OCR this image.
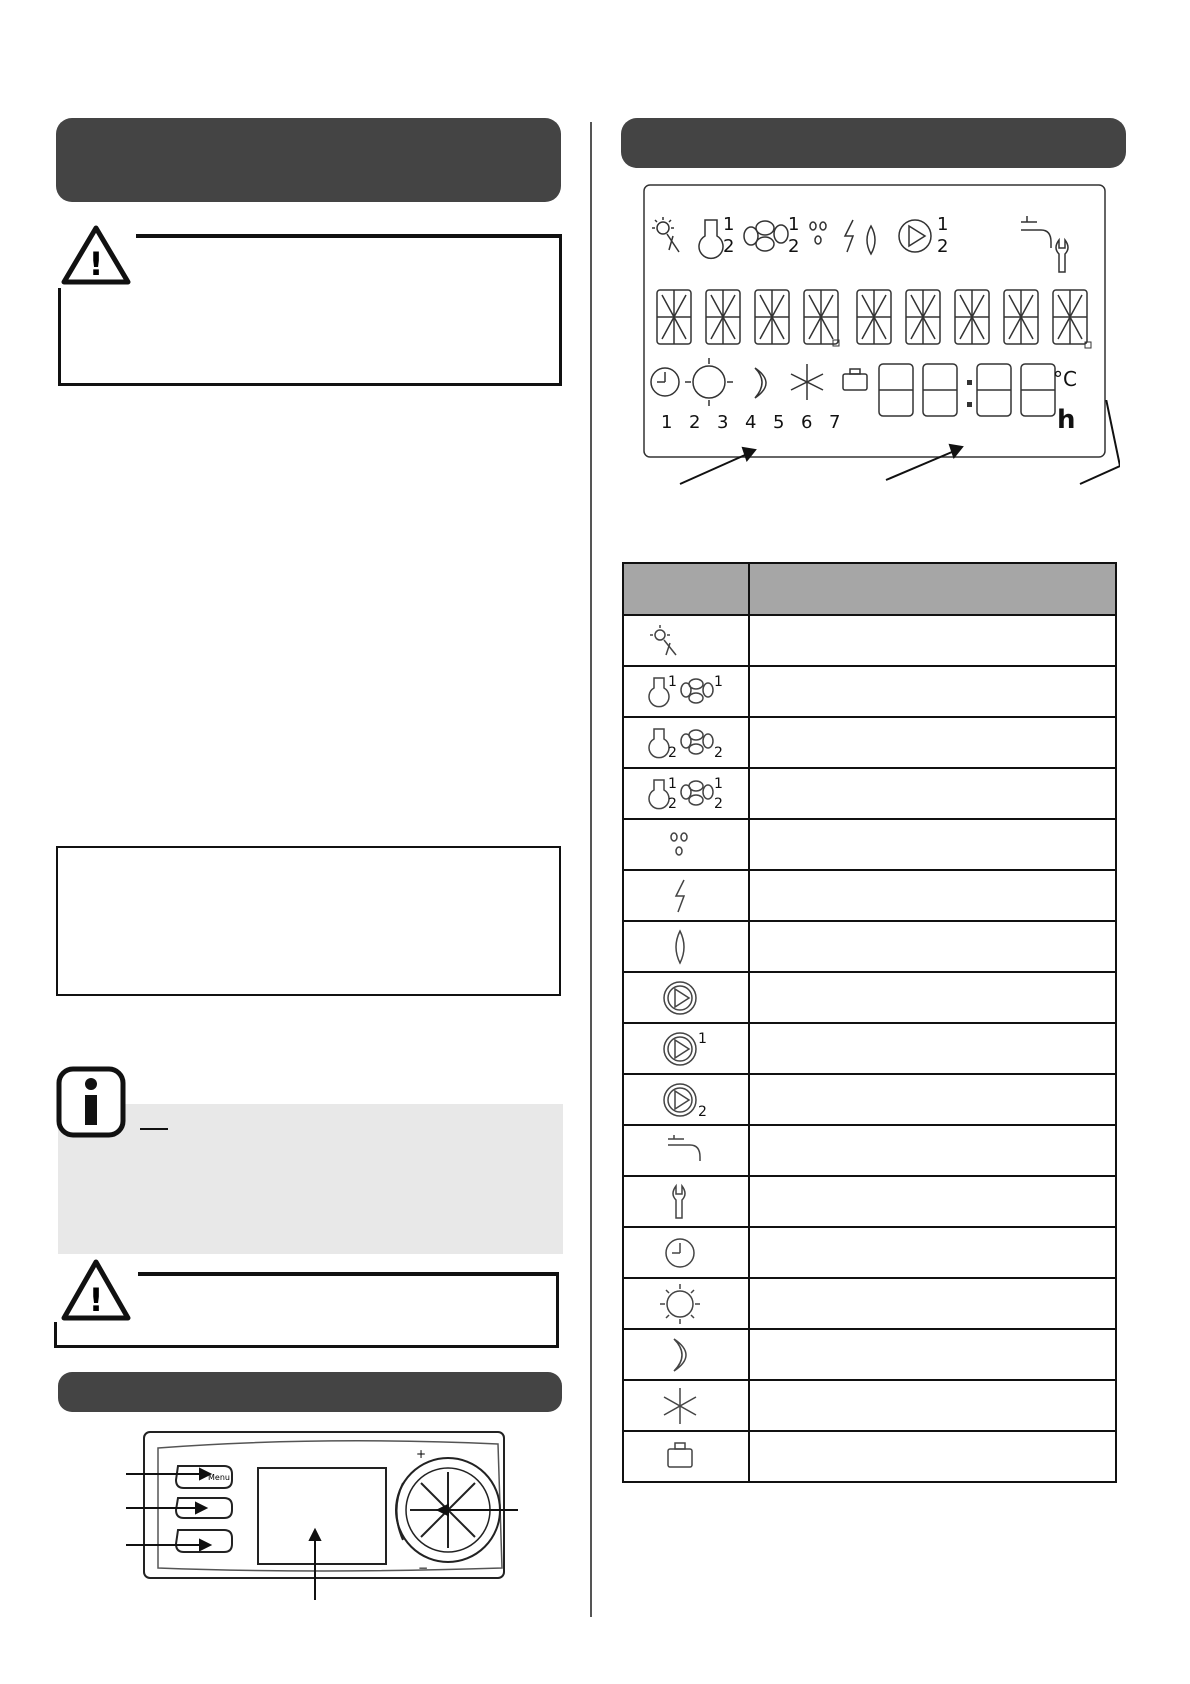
!
!
Menu
+
−
1
2
1
2
1
2
1 2 3 4 5 6 7
°C
h

1 1	

2 2	

1
2
1
2	

1	

2	
